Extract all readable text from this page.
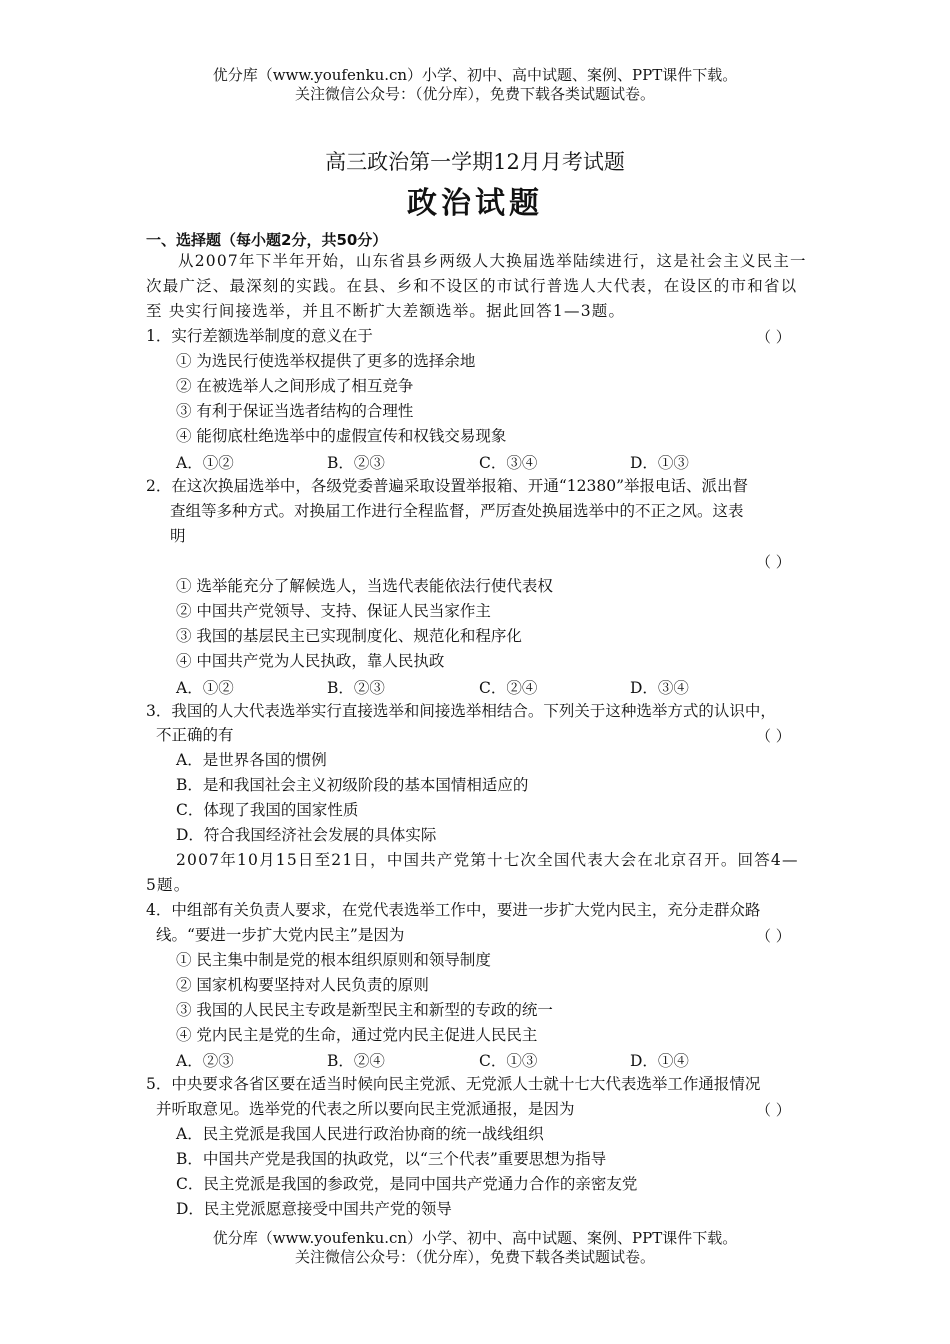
优分库（www.youfenku.cn）小学、初中、高中试题、案例、PPT课件下载。
关注微信公众号：（优分库），免费下载各类试题试卷。
高三政治第一学期12月月考试题
政治试题
一、选择题（每小题2分，共50分）
从2007年下半年开始，山东省县乡两级人大换届选举陆续进行，这是社会主义民主一
次最广泛、最深刻的实践。在县、乡和不设区的市试行普选人大代表，在设区的市和省以
至 央实行间接选举，并且不断扩大差额选举。据此回答1—3题。
1．实行差额选举制度的意义在于	（ ）
① 为选民行使选举权提供了更多的选择余地
② 在被选举人之间形成了相互竞争
③ 有利于保证当选者结构的合理性
④ 能彻底杜绝选举中的虚假宣传和权钱交易现象
A．①②	B．②③	C．③④	D．①③
2．在这次换届选举中，各级党委普遍采取设置举报箱、开通“12380”举报电话、派出督
查组等多种方式。对换届工作进行全程监督，严厉查处换届选举中的不正之风。这表
明
（ ）
① 选举能充分了解候选人，当选代表能依法行使代表权
② 中国共产党领导、支持、保证人民当家作主
③ 我国的基层民主已实现制度化、规范化和程序化
④ 中国共产党为人民执政，靠人民执政
A．①②	B．②③	C．②④	D．③④
3．我国的人大代表选举实行直接选举和间接选举相结合。下列关于这种选举方式的认识中，
不正确的有	（ ）
A．是世界各国的惯例
B．是和我国社会主义初级阶段的基本国情相适应的
C．体现了我国的国家性质
D．符合我国经济社会发展的具体实际
2007年10月15日至21日，中国共产党第十七次全国代表大会在北京召开。回答4—
5题。
4．中组部有关负责人要求，在党代表选举工作中，要进一步扩大党内民主，充分走群众路
线。“要进一步扩大党内民主”是因为	（ ）
① 民主集中制是党的根本组织原则和领导制度
② 国家机构要坚持对人民负责的原则
③ 我国的人民民主专政是新型民主和新型的专政的统一
④ 党内民主是党的生命，通过党内民主促进人民民主
A．②③	B．②④	C．①③	D．①④
5．中央要求各省区要在适当时候向民主党派、无党派人士就十七大代表选举工作通报情况
并听取意见。选举党的代表之所以要向民主党派通报，是因为	（ ）
A．民主党派是我国人民进行政治协商的统一战线组织
B．中国共产党是我国的执政党，以“三个代表”重要思想为指导
C．民主党派是我国的参政党，是同中国共产党通力合作的亲密友党
D．民主党派愿意接受中国共产党的领导
优分库（www.youfenku.cn）小学、初中、高中试题、案例、PPT课件下载。
关注微信公众号：（优分库），免费下载各类试题试卷。
